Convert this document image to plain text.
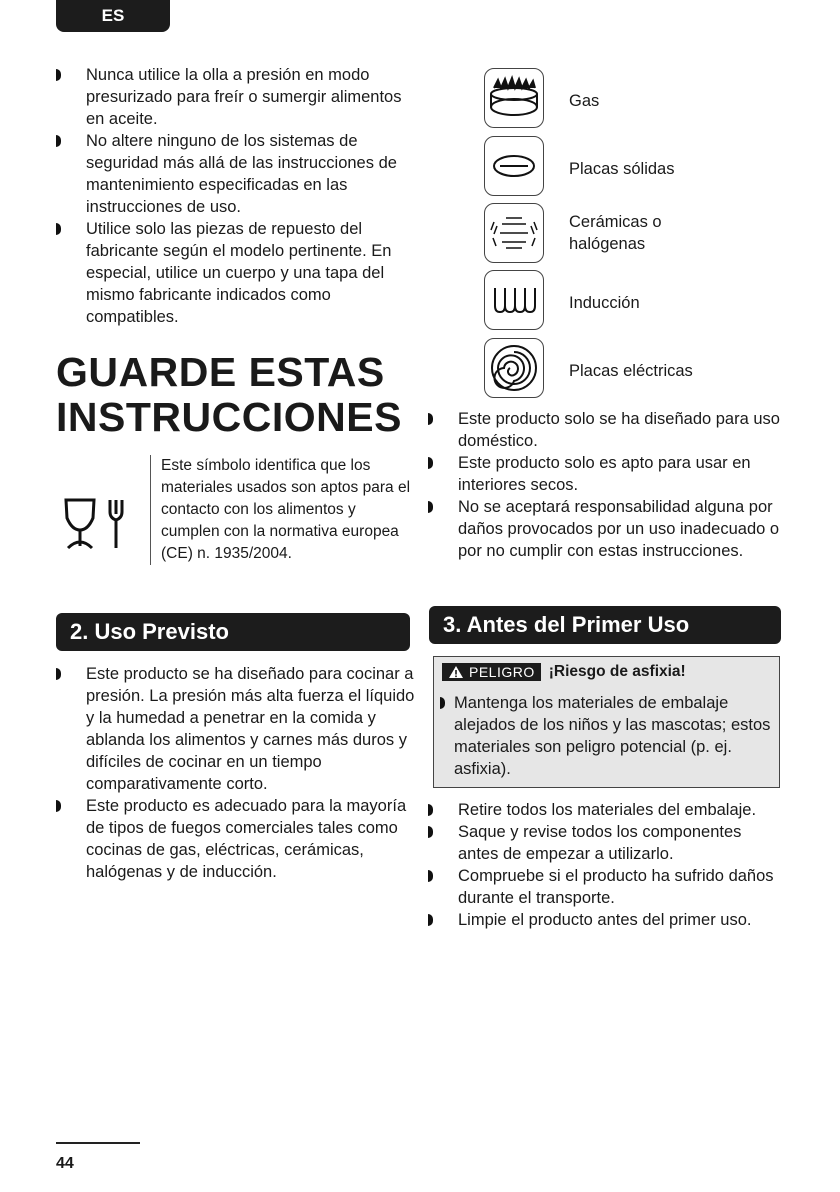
ES
Nunca utilice la olla a presión en modo presurizado para freír o sumergir alimentos en aceite.
No altere ninguno de los sistemas de seguridad más allá de las instrucciones de mantenimiento especificadas en las instrucciones de uso.
Utilice solo las piezas de repuesto del fabricante según el modelo pertinente. En especial, utilice un cuerpo y una tapa del mismo fabricante indicados como compatibles.
GUARDE ESTAS
INSTRUCCIONES
Este símbolo identifica que los materiales usados son aptos para el contacto con los alimentos y cumplen con la normativa europea (CE) n. 1935/2004.
2. Uso Previsto
Este producto se ha diseñado para cocinar a presión. La presión más alta fuerza el líquido y la humedad a penetrar en la comida y ablanda los alimentos y carnes más duros y difíciles de cocinar en un tiempo comparativamente corto.
Este producto es adecuado para la mayoría de tipos de fuegos comerciales tales como cocinas de gas, eléctricas, cerámicas, halógenas y de inducción.
Gas
Placas sólidas
Cerámicas o halógenas
Inducción
Placas eléctricas
Este producto solo se ha diseñado para uso doméstico.
Este producto solo es apto para usar en interiores secos.
No se aceptará responsabilidad alguna por daños provocados por un uso inadecuado o por no cumplir con estas instrucciones.
3. Antes del Primer Uso
PELIGRO ¡Riesgo de asfixia!
Mantenga los materiales de embalaje alejados de los niños y las mascotas; estos materiales son peligro potencial (p. ej. asfixia).
Retire todos los materiales del embalaje.
Saque y revise todos los componentes antes de empezar a utilizarlo.
Compruebe si el producto ha sufrido daños durante el transporte.
Limpie el producto antes del primer uso.
44
